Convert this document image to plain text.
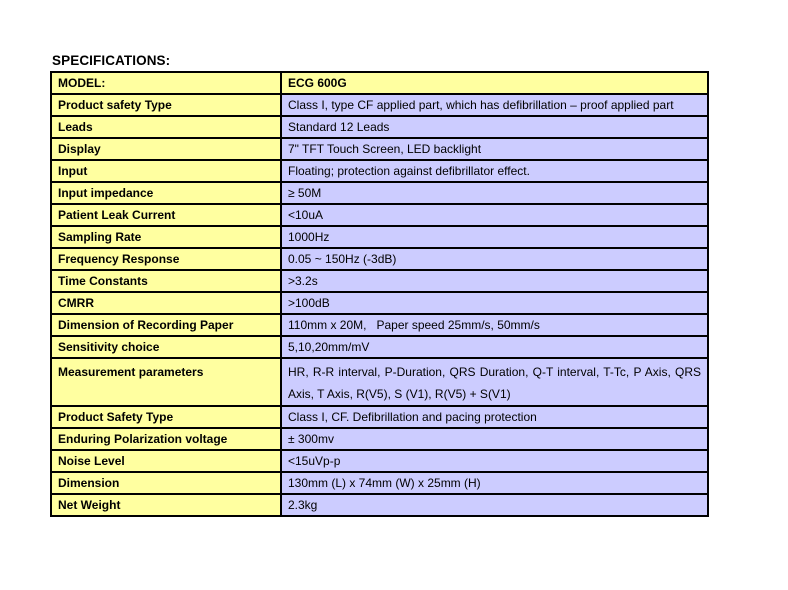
SPECIFICATIONS:
MODEL:	ECG 600G
Product safety Type	Class I, type CF applied part, which has defibrillation – proof applied part
Leads	Standard 12 Leads
Display	7" TFT Touch Screen, LED backlight
Input	Floating; protection against defibrillator effect.
Input impedance	≥ 50M
Patient Leak Current	<10uA
Sampling Rate	1000Hz
Frequency Response	0.05 ~ 150Hz (-3dB)
Time Constants	>3.2s
CMRR	>100dB
Dimension of Recording Paper	110mm x 20M,   Paper speed 25mm/s, 50mm/s
Sensitivity choice	5,10,20mm/mV
Measurement parameters	HR, R-R interval, P-Duration, QRS Duration, Q-T interval, T-Tc, P Axis, QRS Axis, T Axis, R(V5), S (V1), R(V5) + S(V1)
Product Safety Type	Class I, CF. Defibrillation and pacing protection
Enduring Polarization voltage	± 300mv
Noise Level	<15uVp-p
Dimension	130mm (L) x 74mm (W) x 25mm (H)
Net Weight	2.3kg
